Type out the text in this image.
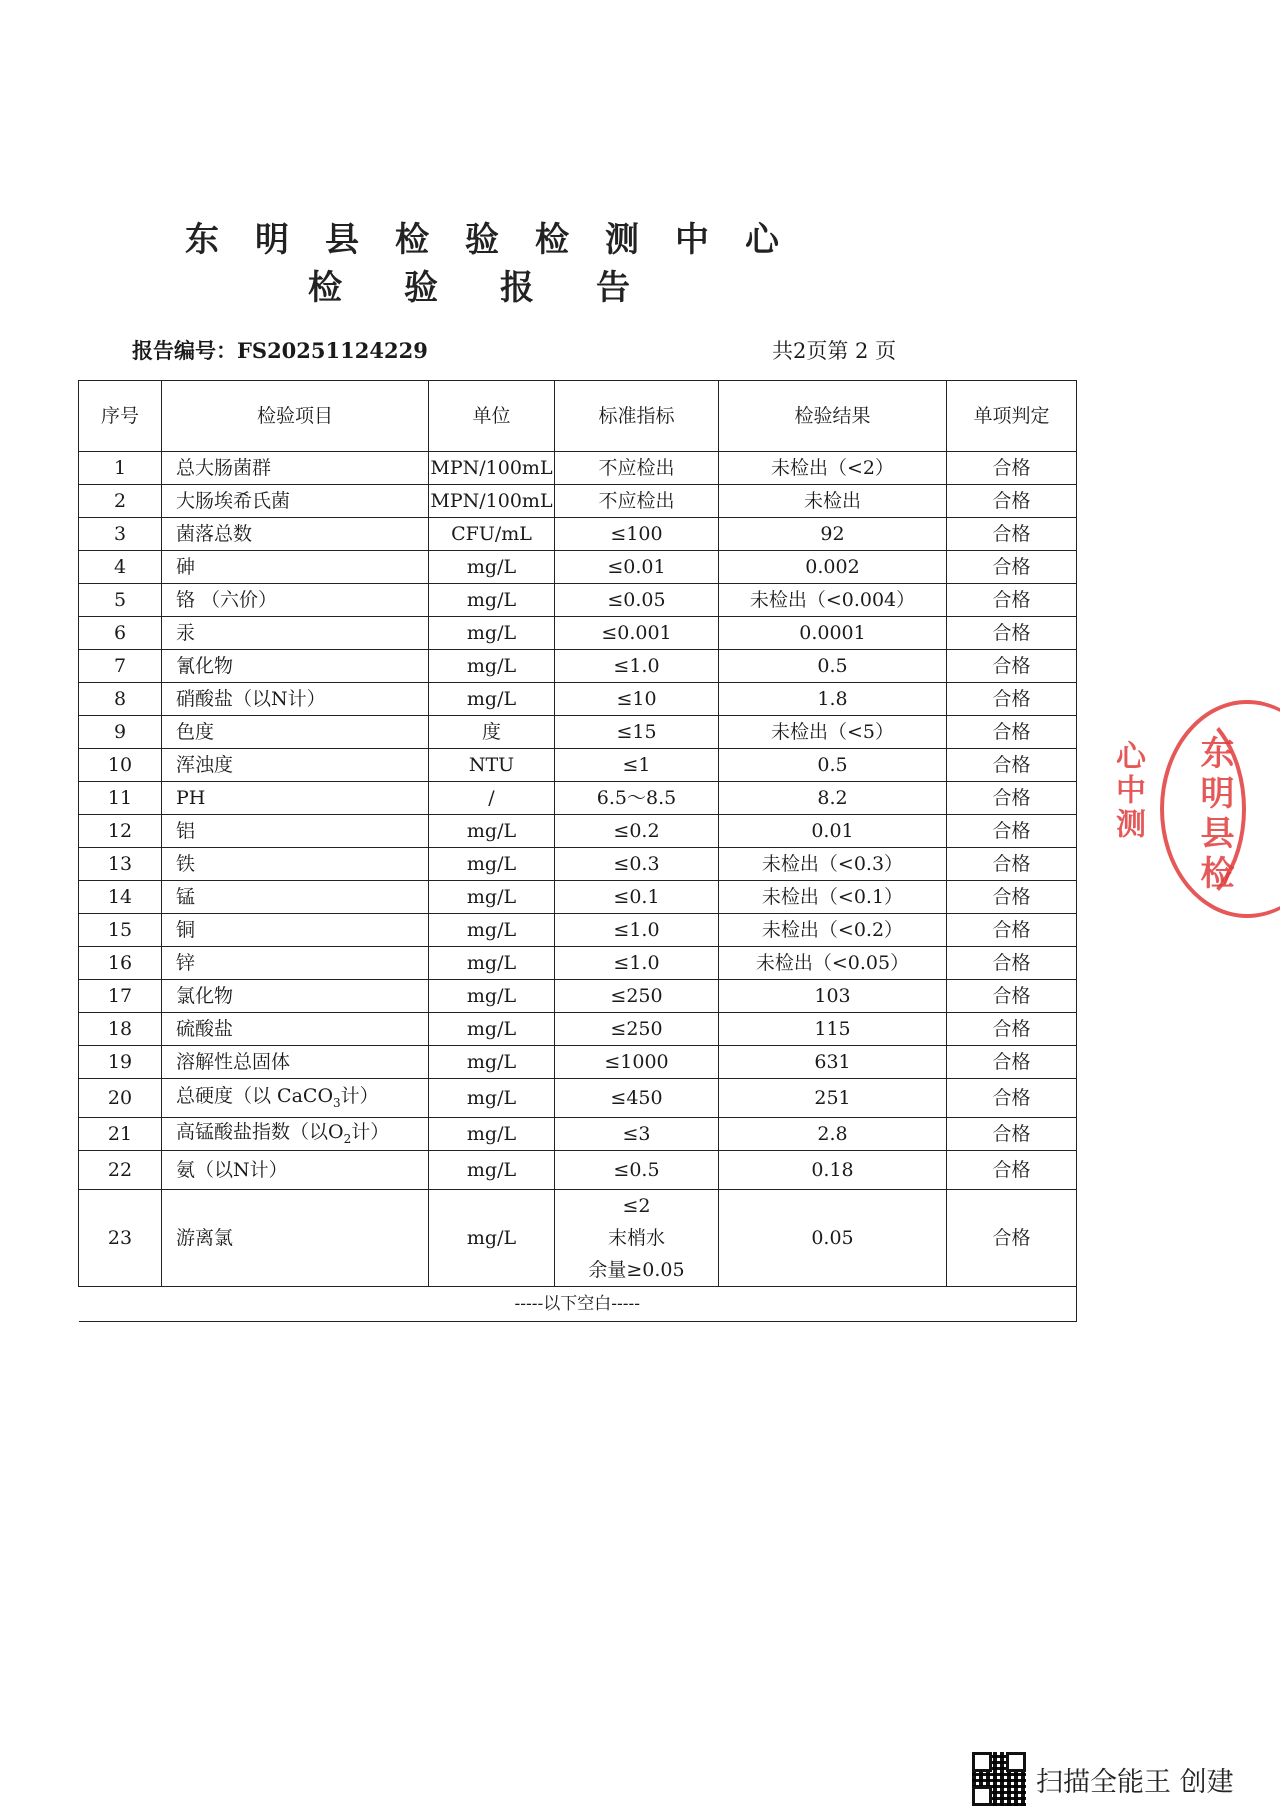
东明县检验检测中心
检验报告
报告编号：FS20251124229	共2页第 2 页
序号	检验项目	单位	标准指标	检验结果	单项判定
1	总大肠菌群	MPN/100mL	不应检出	未检出（<2）	合格
2	大肠埃希氏菌	MPN/100mL	不应检出	未检出	合格
3	菌落总数	CFU/mL	≤100	92	合格
4	砷	mg/L	≤0.01	0.002	合格
5	铬 （六价）	mg/L	≤0.05	未检出（<0.004）	合格
6	汞	mg/L	≤0.001	0.0001	合格
7	氰化物	mg/L	≤1.0	0.5	合格
8	硝酸盐（以N计）	mg/L	≤10	1.8	合格
9	色度	度	≤15	未检出（<5）	合格
10	浑浊度	NTU	≤1	0.5	合格
11	PH	/	6.5～8.5	8.2	合格
12	铝	mg/L	≤0.2	0.01	合格
13	铁	mg/L	≤0.3	未检出（<0.3）	合格
14	锰	mg/L	≤0.1	未检出（<0.1）	合格
15	铜	mg/L	≤1.0	未检出（<0.2）	合格
16	锌	mg/L	≤1.0	未检出（<0.05）	合格
17	氯化物	mg/L	≤250	103	合格
18	硫酸盐	mg/L	≤250	115	合格
19	溶解性总固体	mg/L	≤1000	631	合格
20	总硬度（以 CaCO$_3$计）	mg/L	≤450	251	合格
21	高锰酸盐指数（以$O_2$计）	mg/L	≤3	2.8	合格
22	氨（以N计）	mg/L	≤0.5	0.18	合格
23	游离氯	mg/L	≤2
末梢水
余量≥0.05	0.05	合格
-----以下空白-----					
心中测 东明县检
扫描全能王 创建
